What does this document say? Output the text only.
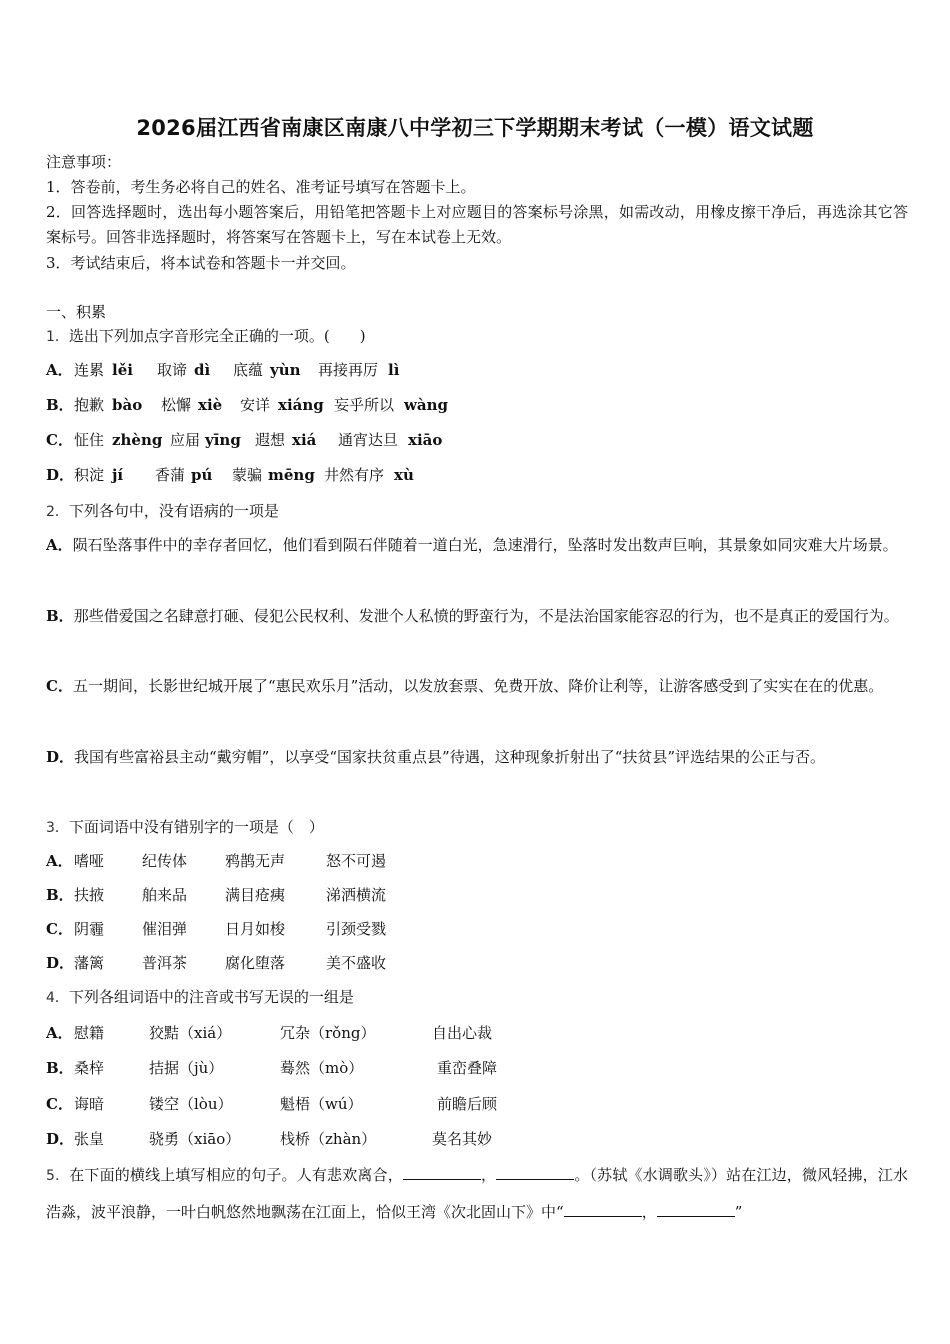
2026届江西省南康区南康八中学初三下学期期末考试（一模）语文试题
注意事项：
1．答卷前，考生务必将自己的姓名、准考证号填写在答题卡上。
2．回答选择题时，选出每小题答案后，用铅笔把答题卡上对应题目的答案标号涂黑，如需改动，用橡皮擦干净后，再选涂其它答案标号。回答非选择题时，将答案写在答题卡上，写在本试卷上无效。
3．考试结束后，将本试卷和答题卡一并交回。
一、积累
1．选出下列加点字音形完全正确的一项。(　　)
A． 连累 lěi 取谛 dì 底蕴 yùn 再接再厉 lì
B． 抱歉 bào 松懈 xiè 安详 xiáng 妄乎所以 wàng
C． 怔住 zhèng 应届 yīng 遐想 xiá 通宵达旦 xiāo
D． 积淀 jí 香蒲 pú 蒙骗 mēng 井然有序 xù
2．下列各句中，没有语病的一项是
A．陨石坠落事件中的幸存者回忆，他们看到陨石伴随着一道白光，急速滑行，坠落时发出数声巨响，其景象如同灾难大片场景。
B．那些借爱国之名肆意打砸、侵犯公民权利、发泄个人私愤的野蛮行为，不是法治国家能容忍的行为，也不是真正的爱国行为。
C．五一期间，长影世纪城开展了“惠民欢乐月”活动，以发放套票、免费开放、降价让利等，让游客感受到了实实在在的优惠。
D．我国有些富裕县主动“戴穷帽”，以享受“国家扶贫重点县”待遇，这种现象折射出了“扶贫县”评选结果的公正与否。
3．下面词语中没有错别字的一项是（　）
A． 嗜哑	纪传体	鸦鹊无声	怒不可遏
B． 扶掖	舶来品	满目疮痍	涕洒横流
C． 阴霾	催泪弹	日月如梭	引颈受戮
D． 藩篱	普洱茶	腐化堕落	美不盛收
4．下列各组词语中的注音或书写无误的一组是
A． 慰籍	狡黠（xiá）	冗杂（rǒng）	自出心裁
B． 桑梓	拮据（jù）	蓦然（mò）	重峦叠障
C． 诲暗	镂空（lòu）	魁梧（wú）	前瞻后顾
D． 张皇	骁勇（xiāo）	栈桥（zhàn）	莫名其妙
5．在下面的横线上填写相应的句子。人有悲欢离合，	，	。（苏轼《水调歌头》）站在江边，微风轻拂，江水浩淼，波平浪静，一叶白帆悠然地飘荡在江面上，恰似王湾《次北固山下》中“	，	”
